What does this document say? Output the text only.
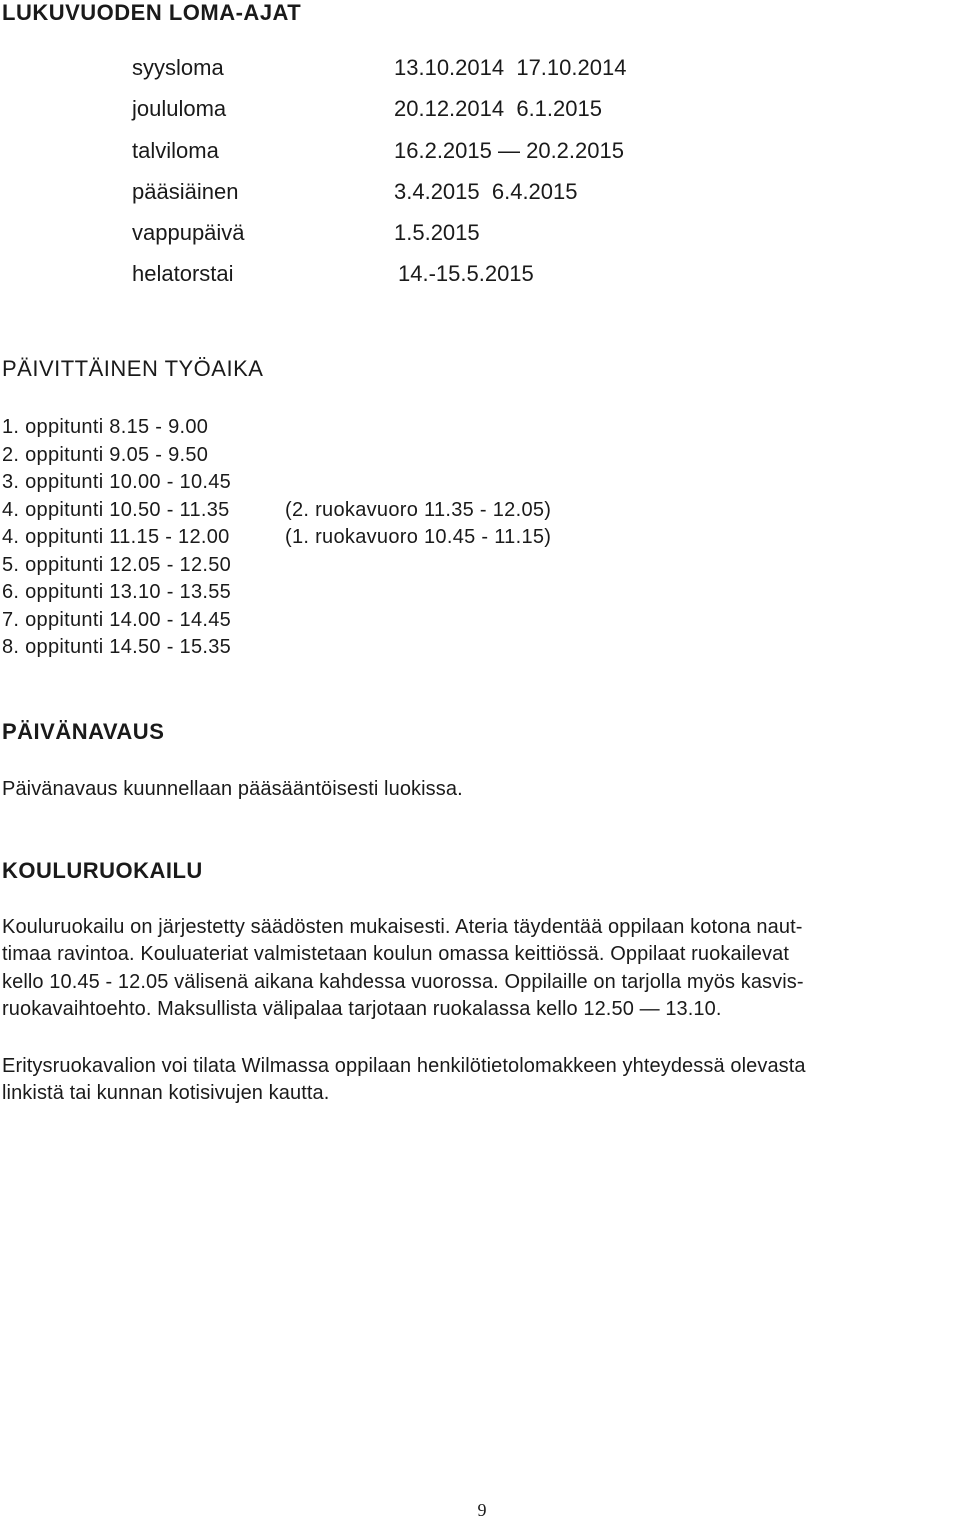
LUKUVUODEN LOMA-AJAT
syysloma	13.10.2014  17.10.2014
joululoma	20.12.2014  6.1.2015
talviloma	16.2.2015 — 20.2.2015
pääsiäinen	3.4.2015  6.4.2015
vappupäivä	1.5.2015
helatorstai	14.-15.5.2015
PÄIVITTÄINEN TYÖAIKA
1. oppitunti 8.15 - 9.00
2. oppitunti 9.05 - 9.50
3. oppitunti 10.00 - 10.45
4. oppitunti 10.50 - 11.35	(2. ruokavuoro 11.35 - 12.05)
4. oppitunti 11.15 - 12.00	(1. ruokavuoro 10.45 - 11.15)
5. oppitunti 12.05 - 12.50
6. oppitunti 13.10 - 13.55
7. oppitunti 14.00 - 14.45
8. oppitunti 14.50 - 15.35
PÄIVÄNAVAUS

Päivänavaus kuunnellaan pääsääntöisesti luokissa.

KOULURUOKAILU
Kouluruokailu on järjestetty säädösten mukaisesti. Ateria täydentää oppilaan kotona naut-
timaa ravintoa. Kouluateriat valmistetaan koulun omassa keittiössä. Oppilaat ruokailevat
kello 10.45 - 12.05 välisenä aikana kahdessa vuorossa. Oppilaille on tarjolla myös kasvis-
ruokavaihtoehto. Maksullista välipalaa tarjotaan ruokalassa kello 12.50 — 13.10.
Eritysruokavalion voi tilata Wilmassa oppilaan henkilötietolomakkeen yhteydessä olevasta
linkistä tai kunnan kotisivujen kautta.
9
